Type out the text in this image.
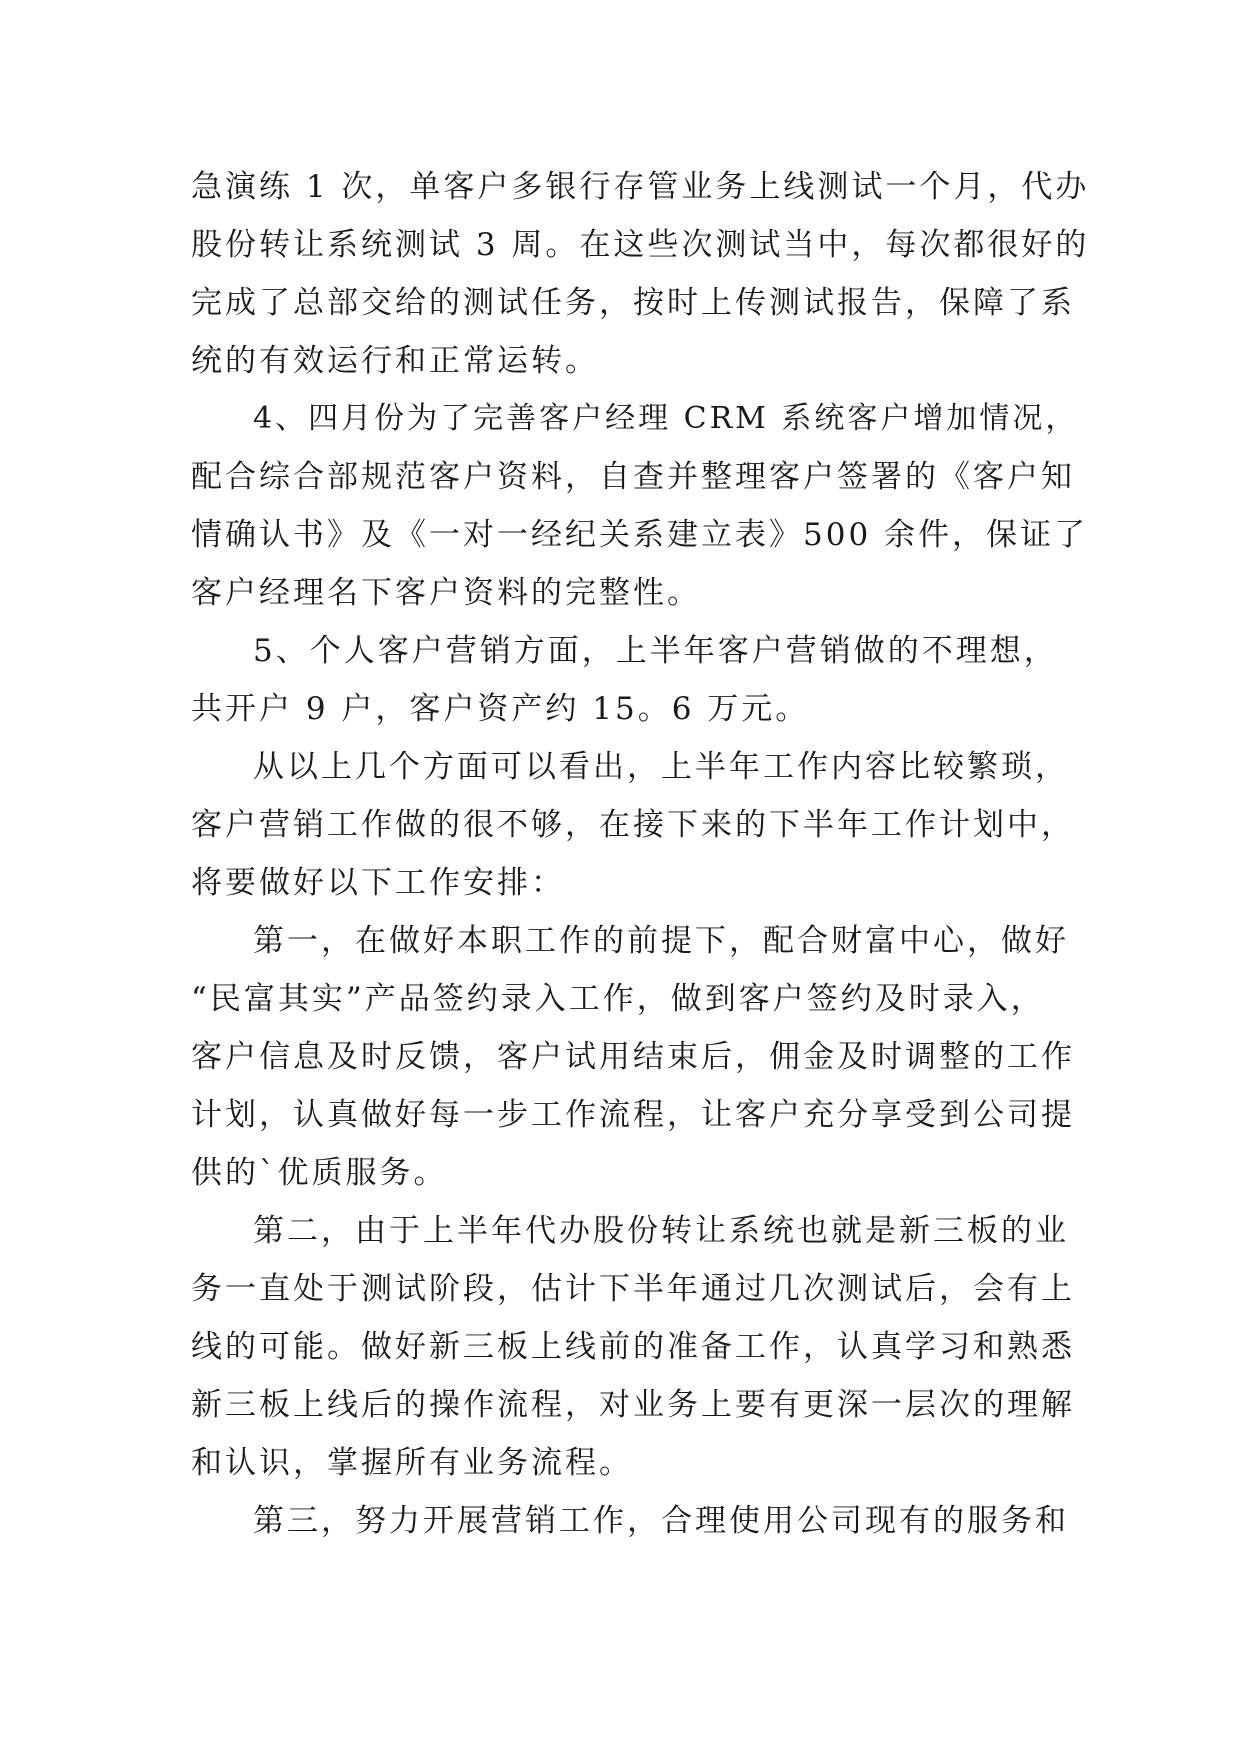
急演练 1 次，单客户多银行存管业务上线测试一个月，代办
股份转让系统测试 3 周。在这些次测试当中，每次都很好的
完成了总部交给的测试任务，按时上传测试报告，保障了系
统的有效运行和正常运转。
4、四月份为了完善客户经理 CRM 系统客户增加情况，
配合综合部规范客户资料，自查并整理客户签署的《客户知
情确认书》及《一对一经纪关系建立表》500 余件，保证了
客户经理名下客户资料的完整性。
5、个人客户营销方面，上半年客户营销做的不理想，
共开户 9 户，客户资产约 15。6 万元。
从以上几个方面可以看出，上半年工作内容比较繁琐，
客户营销工作做的很不够，在接下来的下半年工作计划中，
将要做好以下工作安排：
第一，在做好本职工作的前提下，配合财富中心，做好
“民富其实”产品签约录入工作，做到客户签约及时录入，
客户信息及时反馈，客户试用结束后，佣金及时调整的工作
计划，认真做好每一步工作流程，让客户充分享受到公司提
供的`优质服务。
第二，由于上半年代办股份转让系统也就是新三板的业
务一直处于测试阶段，估计下半年通过几次测试后，会有上
线的可能。做好新三板上线前的准备工作，认真学习和熟悉
新三板上线后的操作流程，对业务上要有更深一层次的理解
和认识，掌握所有业务流程。
第三，努力开展营销工作，合理使用公司现有的服务和
